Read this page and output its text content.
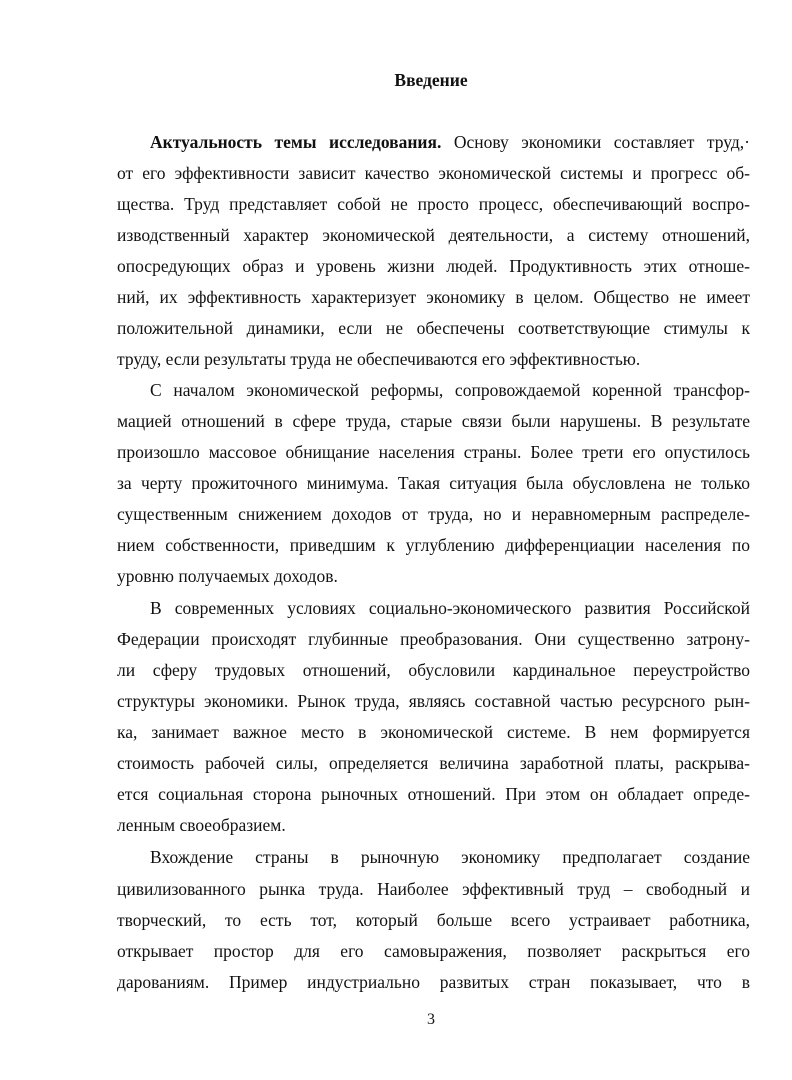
Введение
Актуальность темы исследования. Основу экономики составляет труд,·
от его эффективности зависит качество экономической системы и прогресс об-
щества. Труд представляет собой не просто процесс, обеспечивающий воспро-
изводственный характер экономической деятельности, а систему отношений,
опосредующих образ и уровень жизни людей. Продуктивность этих отноше-
ний, их эффективность характеризует экономику в целом. Общество не имеет
положительной динамики, если не обеспечены соответствующие стимулы к
труду, если результаты труда не обеспечиваются его эффективностью.
С началом экономической реформы, сопровождаемой коренной трансфор-
мацией отношений в сфере труда, старые связи были нарушены. В результате
произошло массовое обнищание населения страны. Более трети его опустилось
за черту прожиточного минимума. Такая ситуация была обусловлена не только
существенным снижением доходов от труда, но и неравномерным распределе-
нием собственности, приведшим к углублению дифференциации населения по
уровню получаемых доходов.
В современных условиях социально-экономического развития Российской
Федерации происходят глубинные преобразования. Они существенно затрону-
ли сферу трудовых отношений, обусловили кардинальное переустройство
структуры экономики. Рынок труда, являясь составной частью ресурсного рын-
ка, занимает важное место в экономической системе. В нем формируется
стоимость рабочей силы, определяется величина заработной платы, раскрыва-
ется социальная сторона рыночных отношений. При этом он обладает опреде-
ленным своеобразием.
Вхождение страны в рыночную экономику предполагает создание
цивилизованного рынка труда. Наиболее эффективный труд – свободный и
творческий, то есть тот, который больше всего устраивает работника,
открывает простор для его самовыражения, позволяет раскрыться его
дарованиям. Пример индустриально развитых стран показывает, что в
3
